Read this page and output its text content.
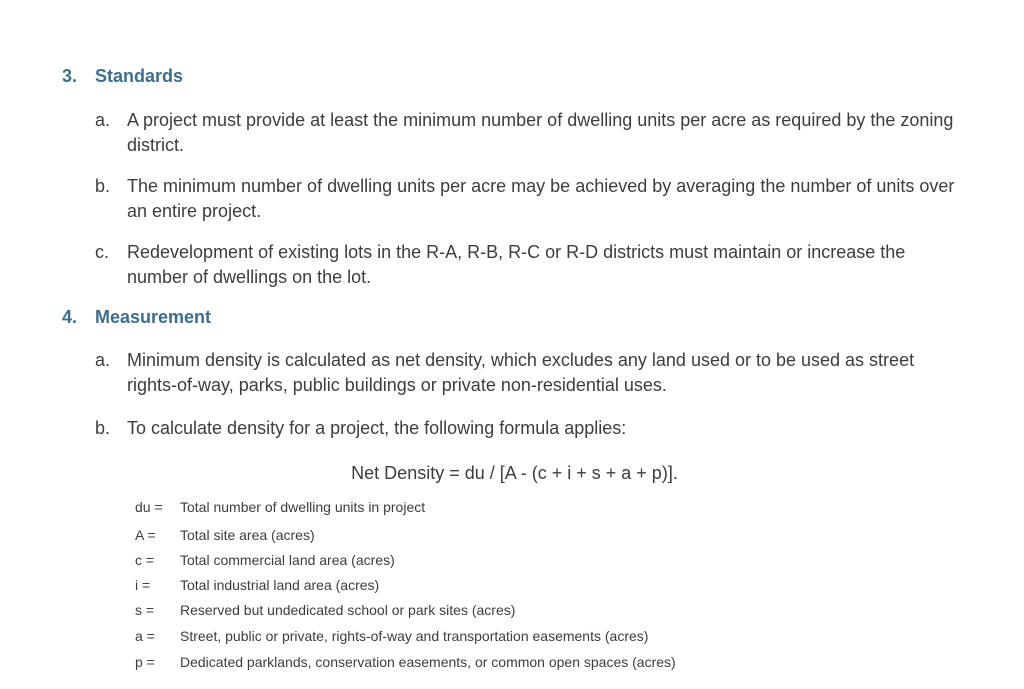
3. Standards
a. A project must provide at least the minimum number of dwelling units per acre as required by the zoning district.
b. The minimum number of dwelling units per acre may be achieved by averaging the number of units over an entire project.
c. Redevelopment of existing lots in the R-A, R-B, R-C or R-D districts must maintain or increase the number of dwellings on the lot.
4. Measurement
a. Minimum density is calculated as net density, which excludes any land used or to be used as street rights-of-way, parks, public buildings or private non-residential uses.
b. To calculate density for a project, the following formula applies:
Net Density = du / [A - (c + i + s + a + p)].
du = Total number of dwelling units in project
A = Total site area (acres)
c = Total commercial land area (acres)
i = Total industrial land area (acres)
s = Reserved but undedicated school or park sites (acres)
a = Street, public or private, rights-of-way and transportation easements (acres)
p = Dedicated parklands, conservation easements, or common open spaces (acres)
